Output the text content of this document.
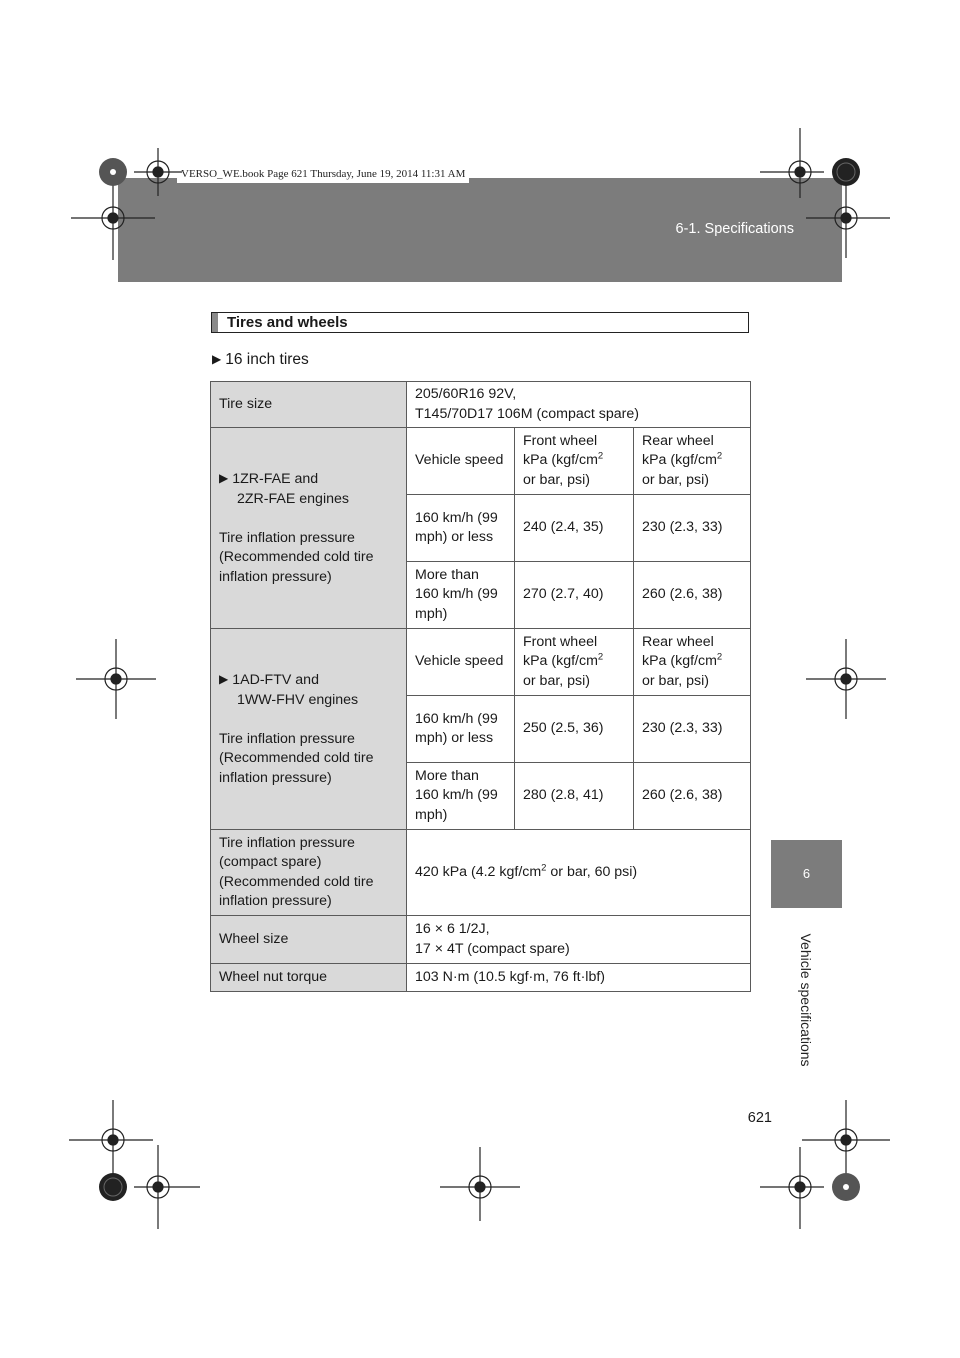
6-1. Specifications
VERSO_WE.book Page 621 Thursday, June 19, 2014 11:31 AM
6
Vehicle specifications
621
Tires and wheels
▶ 16 inch tires
Tire size	205/60R16 92V,
T145/70D17 106M (compact spare)		
▶ 1ZR-FAE and

2ZR-FAE engines

Tire inflation pressure (Recommended cold tire inflation pressure)	Vehicle speed	Front wheel kPa ($kgf/cm^2$
or bar, psi)	Rear wheel kPa ($kgf/cm^2$
or bar, psi)
	160 km/h (99 mph) or less	240 (2.4, 35)	230 (2.3, 33)
	More than 160 km/h (99 mph)	270 (2.7, 40)	260 (2.6, 38)
▶ 1AD-FTV and

1WW-FHV engines

Tire inflation pressure (Recommended cold tire inflation pressure)	Vehicle speed	Front wheel kPa ($kgf/cm^2$
or bar, psi)	Rear wheel kPa ($kgf/cm^2$
or bar, psi)
	160 km/h (99 mph) or less	250 (2.5, 36)	230 (2.3, 33)
	More than 160 km/h (99 mph)	280 (2.8, 41)	260 (2.6, 38)
Tire inflation pressure (compact spare) (Recommended cold tire inflation pressure)	420 kPa (4.2 kgf/$cm^2$ or bar, 60 psi)		
Wheel size	16 × 6 1/2J,
17 × 4T (compact spare)		
Wheel nut torque	103 N·m (10.5 kgf·m, 76 ft·lbf)		
